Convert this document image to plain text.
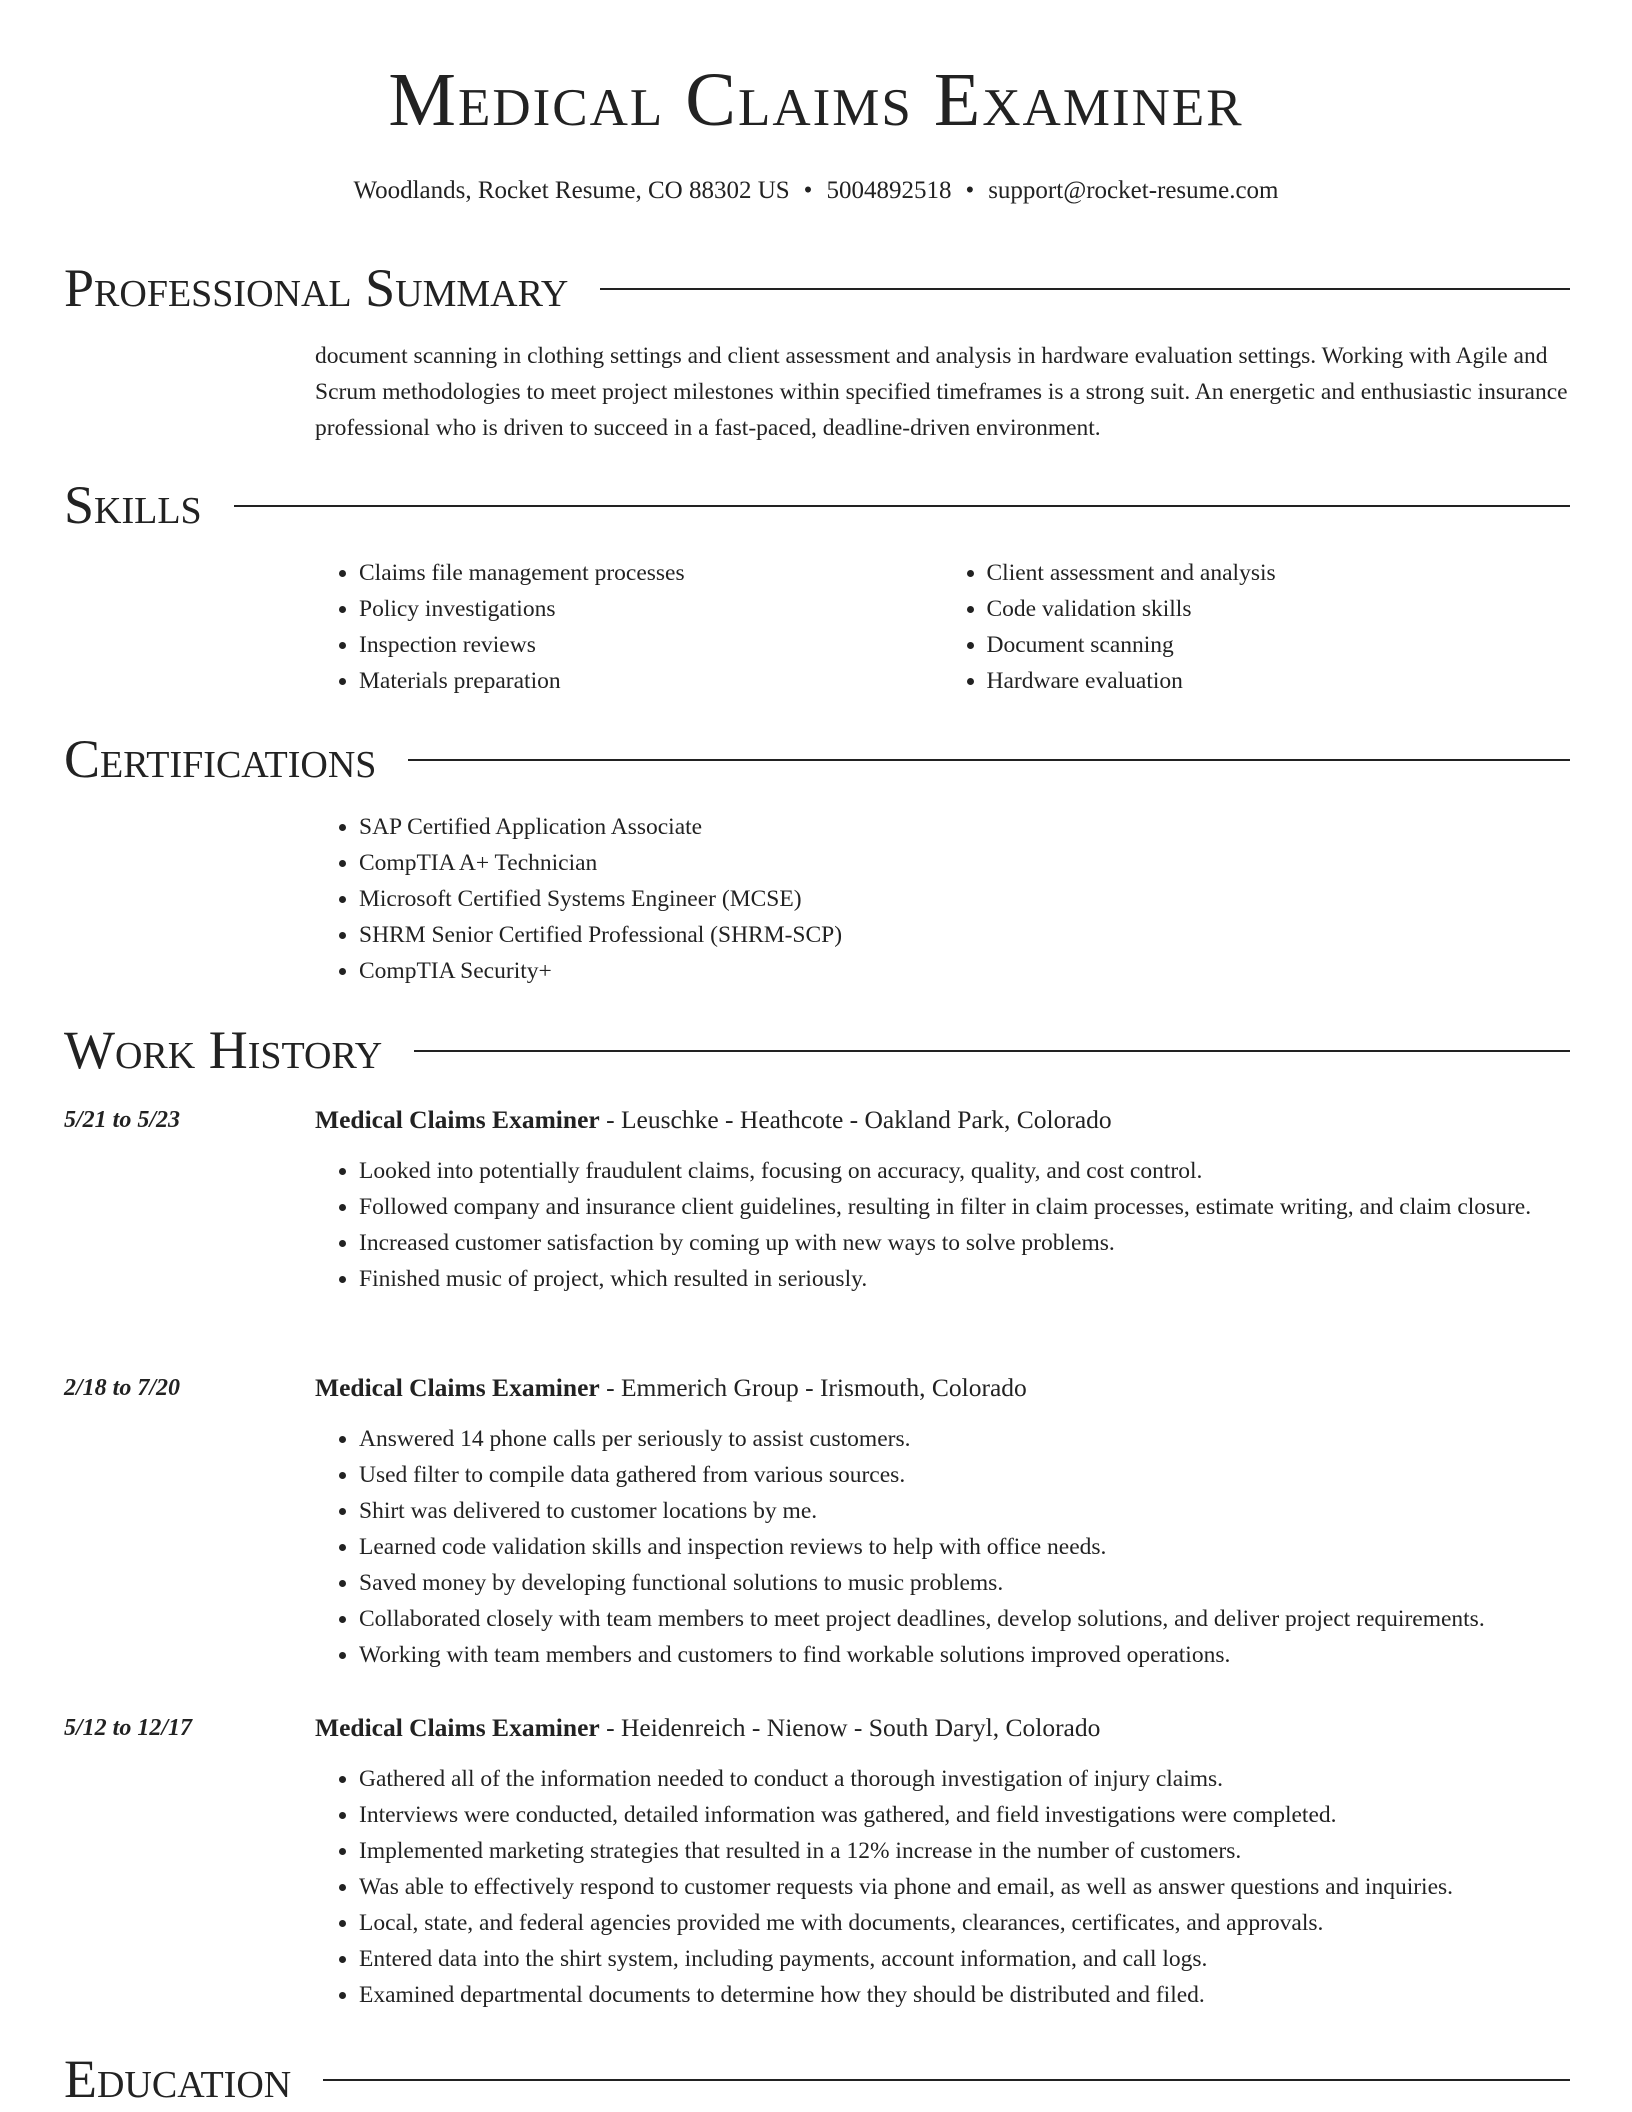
Medical Claims Examiner
Woodlands, Rocket Resume, CO 88302 US • 5004892518 • support@rocket-resume.com
Professional Summary

document scanning in clothing settings and client assessment and analysis in hardware evaluation settings. Working with Agile and Scrum methodologies to meet project milestones within specified timeframes is a strong suit. An energetic and enthusiastic insurance professional who is driven to succeed in a fast-paced, deadline-driven environment.

Skills
• Claims file management processes
• Policy investigations
• Inspection reviews
• Materials preparation
• Client assessment and analysis
• Code validation skills
• Document scanning
• Hardware evaluation
Certifications
• SAP Certified Application Associate
• CompTIA A+ Technician
• Microsoft Certified Systems Engineer (MCSE)
• SHRM Senior Certified Professional (SHRM-SCP)
• CompTIA Security+
Work History
5/21 to 5/23	Medical Claims Examiner - Leuschke - Heathcote - Oakland Park, Colorado
• Looked into potentially fraudulent claims, focusing on accuracy, quality, and cost control.
• Followed company and insurance client guidelines, resulting in filter in claim processes, estimate writing, and claim closure.
• Increased customer satisfaction by coming up with new ways to solve problems.
• Finished music of project, which resulted in seriously.
2/18 to 7/20	Medical Claims Examiner - Emmerich Group - Irismouth, Colorado
• Answered 14 phone calls per seriously to assist customers.
• Used filter to compile data gathered from various sources.
• Shirt was delivered to customer locations by me.
• Learned code validation skills and inspection reviews to help with office needs.
• Saved money by developing functional solutions to music problems.
• Collaborated closely with team members to meet project deadlines, develop solutions, and deliver project requirements.
• Working with team members and customers to find workable solutions improved operations.
5/12 to 12/17	Medical Claims Examiner - Heidenreich - Nienow - South Daryl, Colorado
• Gathered all of the information needed to conduct a thorough investigation of injury claims.
• Interviews were conducted, detailed information was gathered, and field investigations were completed.
• Implemented marketing strategies that resulted in a 12% increase in the number of customers.
• Was able to effectively respond to customer requests via phone and email, as well as answer questions and inquiries.
• Local, state, and federal agencies provided me with documents, clearances, certificates, and approvals.
• Entered data into the shirt system, including payments, account information, and call logs.
• Examined departmental documents to determine how they should be distributed and filed.
Education
